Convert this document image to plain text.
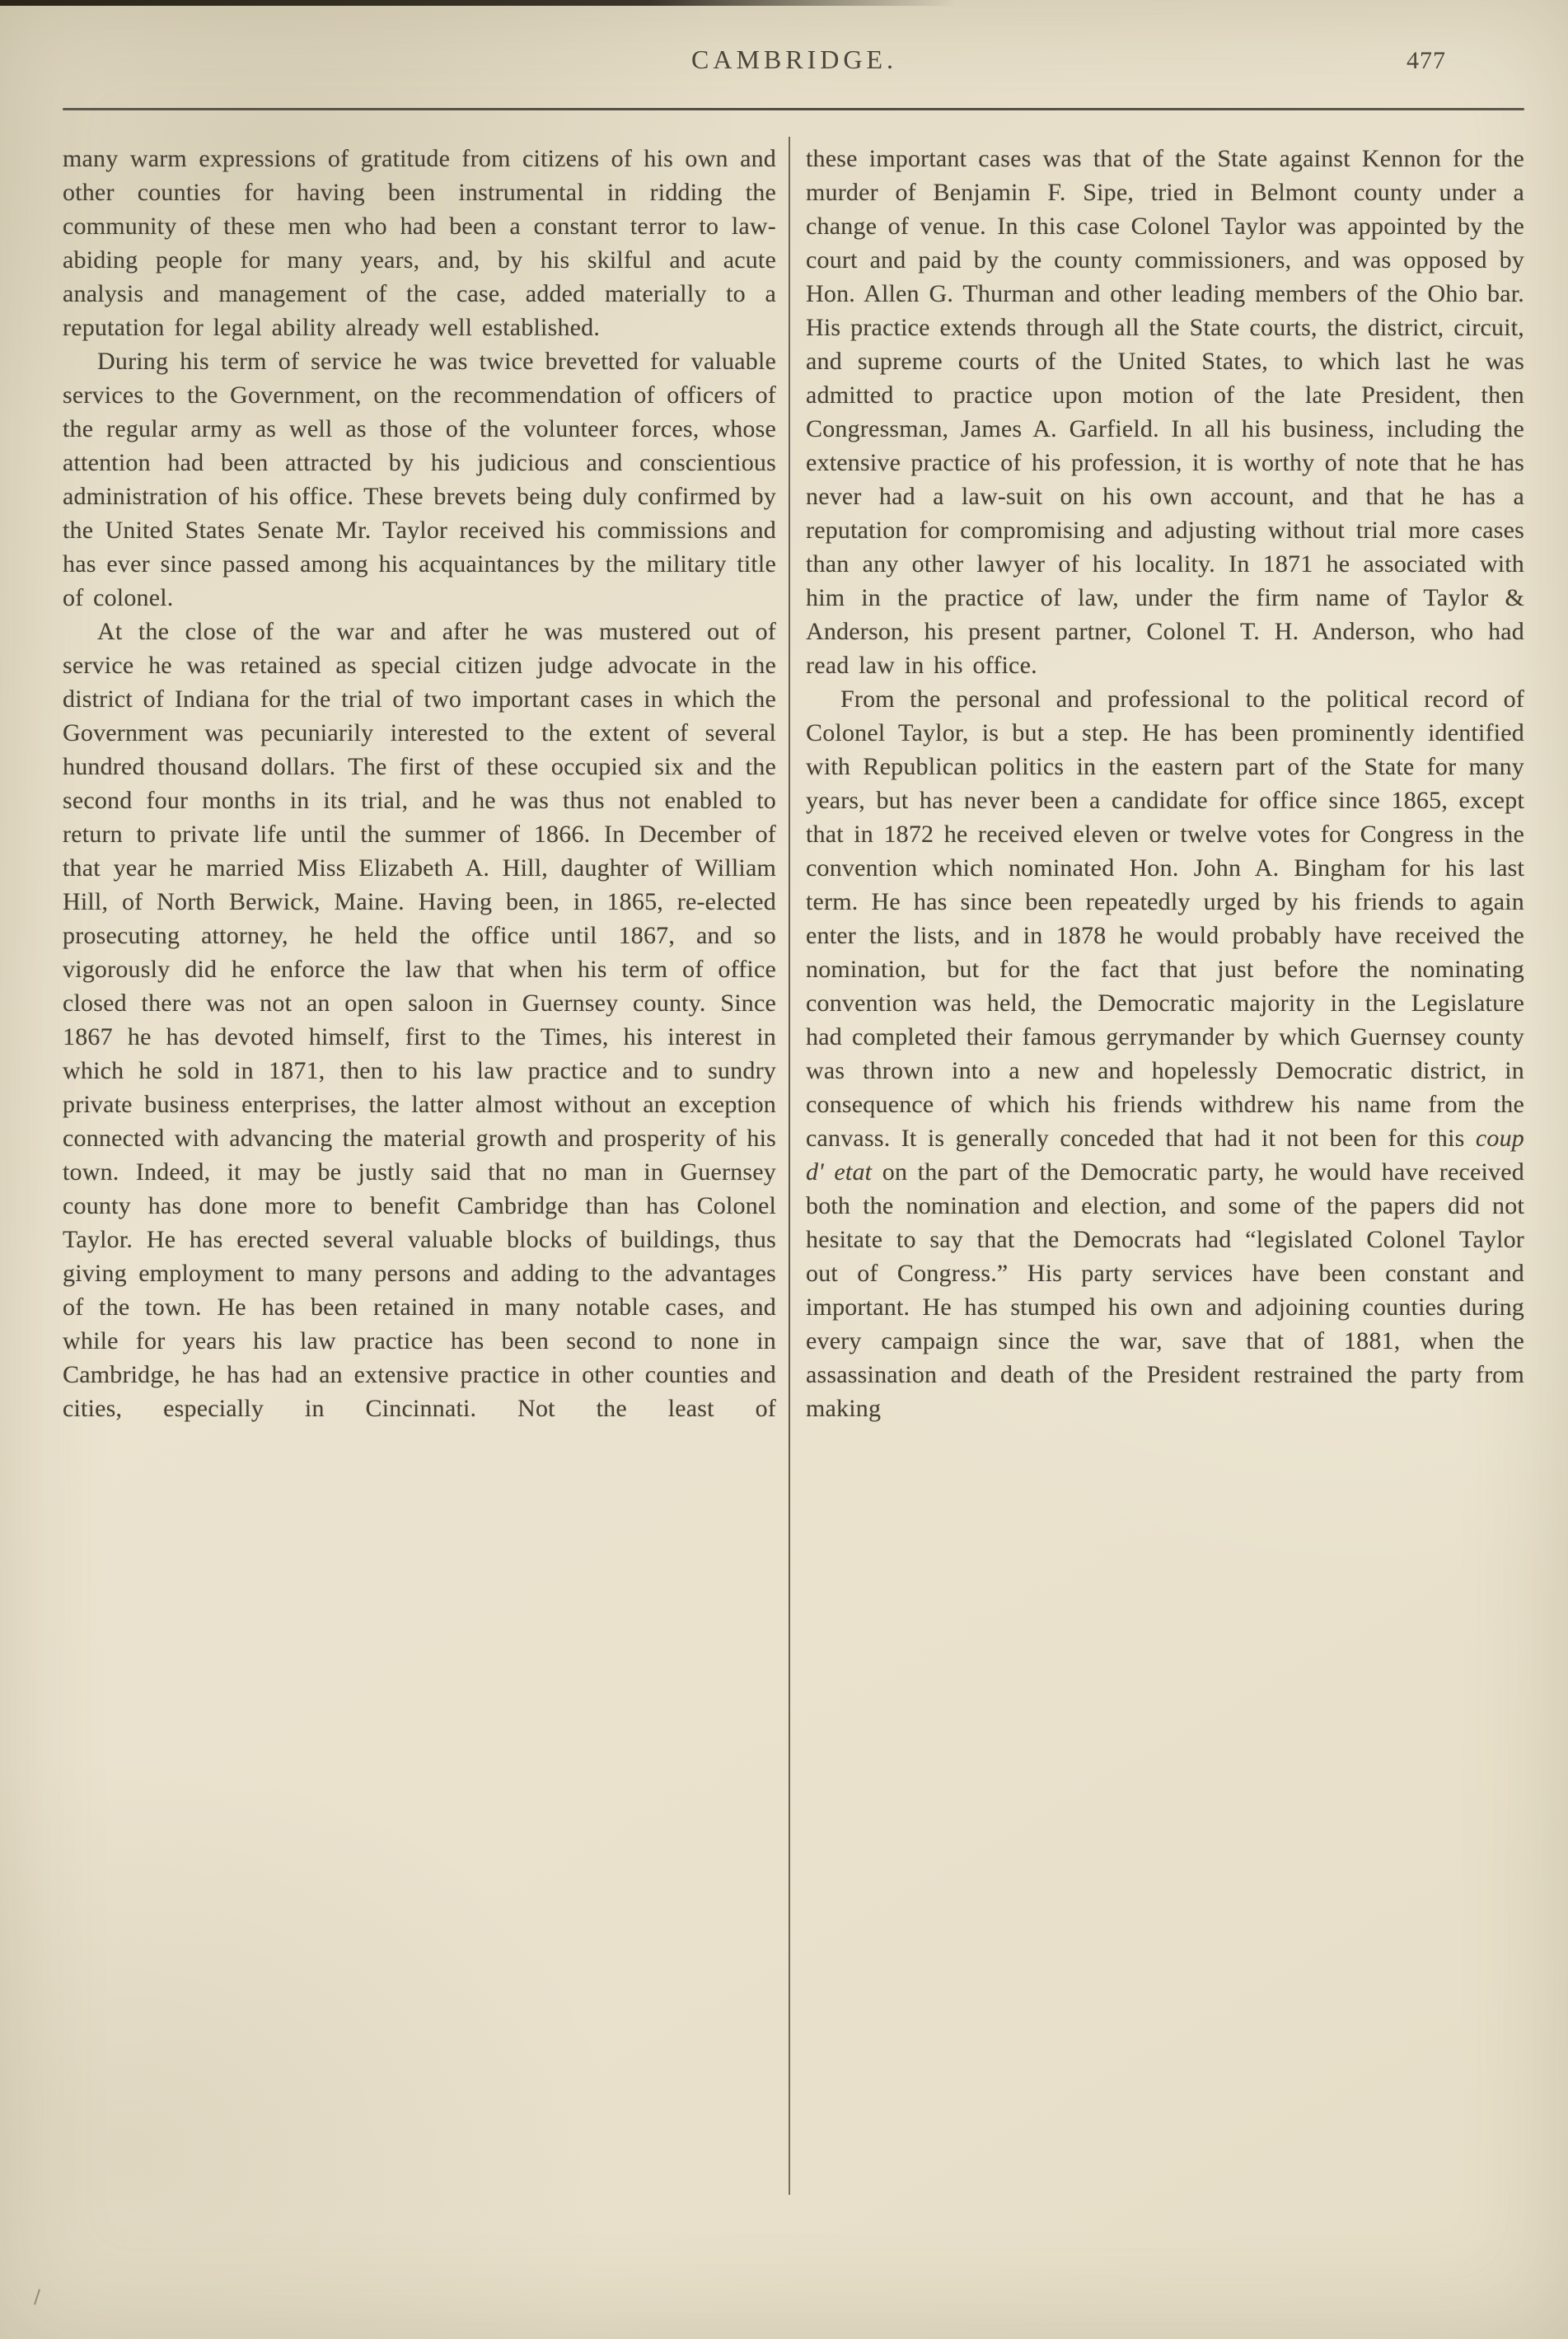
CAMBRIDGE.	477

many warm expressions of gratitude from citizens of his own and other counties for having been instrumental in ridding the community of these men who had been a constant terror to law-abiding people for many years, and, by his skilful and acute analysis and management of the case, added materially to a reputation for legal ability already well established.

During his term of service he was twice brevetted for valuable services to the Government, on the recommendation of officers of the regular army as well as those of the volunteer forces, whose attention had been attracted by his judicious and conscientious administration of his office. These brevets being duly confirmed by the United States Senate Mr. Taylor received his commissions and has ever since passed among his acquaintances by the military title of colonel.

At the close of the war and after he was mustered out of service he was retained as special citizen judge advocate in the district of Indiana for the trial of two important cases in which the Government was pecuniarily interested to the extent of several hundred thousand dollars. The first of these occupied six and the second four months in its trial, and he was thus not enabled to return to private life until the summer of 1866. In December of that year he married Miss Elizabeth A. Hill, daughter of William Hill, of North Berwick, Maine. Having been, in 1865, re-elected prosecuting attorney, he held the office until 1867, and so vigorously did he enforce the law that when his term of office closed there was not an open saloon in Guernsey county. Since 1867 he has devoted himself, first to the Times, his interest in which he sold in 1871, then to his law practice and to sundry private business enterprises, the latter almost without an exception connected with advancing the material growth and prosperity of his town. Indeed, it may be justly said that no man in Guernsey county has done more to benefit Cambridge than has Colonel Taylor. He has erected several valuable blocks of buildings, thus giving employment to many persons and adding to the advantages of the town. He has been retained in many notable cases, and while for years his law practice has been second to none in Cambridge, he has had an extensive practice in other counties and cities, especially in Cincinnati. Not the least of

these important cases was that of the State against Kennon for the murder of Benjamin F. Sipe, tried in Belmont county under a change of venue. In this case Colonel Taylor was appointed by the court and paid by the county commissioners, and was opposed by Hon. Allen G. Thurman and other leading members of the Ohio bar. His practice extends through all the State courts, the district, circuit, and supreme courts of the United States, to which last he was admitted to practice upon motion of the late President, then Congressman, James A. Garfield. In all his business, including the extensive practice of his profession, it is worthy of note that he has never had a law-suit on his own account, and that he has a reputation for compromising and adjusting without trial more cases than any other lawyer of his locality. In 1871 he associated with him in the practice of law, under the firm name of Taylor & Anderson, his present partner, Colonel T. H. Anderson, who had read law in his office.

From the personal and professional to the political record of Colonel Taylor, is but a step. He has been prominently identified with Republican politics in the eastern part of the State for many years, but has never been a candidate for office since 1865, except that in 1872 he received eleven or twelve votes for Congress in the convention which nominated Hon. John A. Bingham for his last term. He has since been repeatedly urged by his friends to again enter the lists, and in 1878 he would probably have received the nomination, but for the fact that just before the nominating convention was held, the Democratic majority in the Legislature had completed their famous gerrymander by which Guernsey county was thrown into a new and hopelessly Democratic district, in consequence of which his friends withdrew his name from the canvass. It is generally conceded that had it not been for this coup d' etat on the part of the Democratic party, he would have received both the nomination and election, and some of the papers did not hesitate to say that the Democrats had “legislated Colonel Taylor out of Congress.” His party services have been constant and important. He has stumped his own and adjoining counties during every campaign since the war, save that of 1881, when the assassination and death of the President restrained the party from making
